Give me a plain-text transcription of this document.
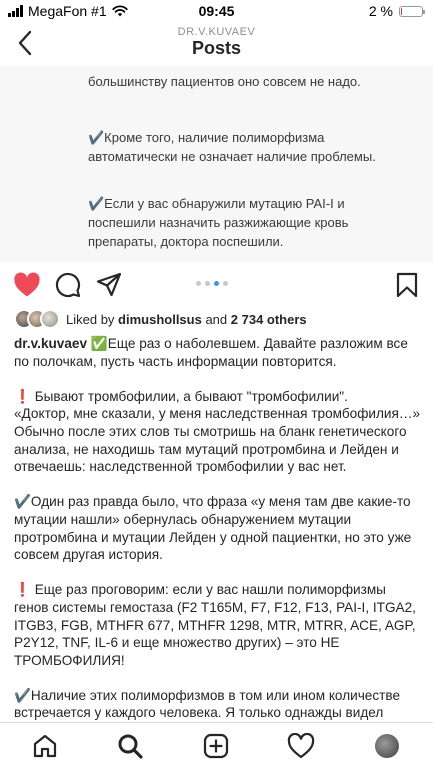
MegaFon #1	09:45	2 %
DR.V.KUVAEV
Posts

большинству пациентов оно совсем не надо.

✔️Кроме того, наличие полиморфизма автоматически не означает наличие проблемы.

✔️Если у вас обнаружили мутацию PAI-I и поспешили назначить разжижающие кровь препараты, доктора поспешили.

Liked by dimushollsus and 2 734 others

dr.v.kuvaev ✅Еще раз о наболевшем. Давайте разложим все по полочкам, пусть часть информации повторится.

❗ Бывают тромбофилии, а бывают "тромбофилии".
«Доктор, мне сказали, у меня наследственная тромбофилия…» Обычно после этих слов ты смотришь на бланк генетического анализа, не находишь там мутаций протромбина и Лейден и отвечаешь: наследственной тромбофилии у вас нет.

✔️Один раз правда было, что фраза «у меня там две какие-то мутации нашли» обернулась обнаружением мутации протромбина и мутации Лейден у одной пациентки, но это уже совсем другая история.

❗ Еще раз проговорим: если у вас нашли полиморфизмы генов системы гемостаза (F2 T165M, F7, F12, F13, PAI-I, ITGA2, ITGB3, FGB, MTHFR 677, MTHFR 1298, MTR, MTRR, ACE, AGP, P2Y12, TNF, IL-6 и еще множество других) – это НЕ ТРОМБОФИЛИЯ!

✔️Наличие этих полиморфизмов в том или ином количестве встречается у каждого человека. Я только однажды видел
